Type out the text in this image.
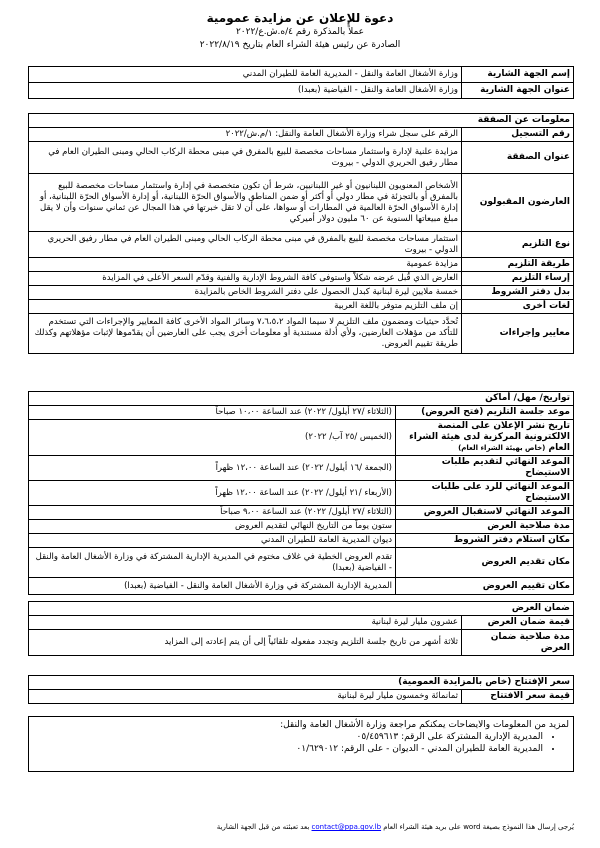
دعوة للإعلان عن مزايدة عمومية
عملاً بالمذكرة رقم ٤/ه.ش.ع/٢٠٢٢
الصادرة عن رئيس هيئة الشراء العام بتاريخ ٢٠٢٢/٨/١٩
إسم الجهة الشارية	وزارة الأشغال العامة والنقل - المديرية العامة للطيران المدني
عنوان الجهة الشارية	وزارة الأشغال العامة والنقل - الفياضية (بعبدا)
معلومات عن الصفقة	
رقم التسجيل	الرقم على سجل شراء وزارة الأشغال العامة والنقل: ١/م.ش/٢٠٢٢
عنوان الصفقة	مزايدة علنية لإدارة واستثمار مساحات مخصصة للبيع بالمفرق في مبنى محطة الركاب الحالي ومبنى الطيران العام في مطار رفيق الحريري الدولي - بيروت
العارضون المقبولون	الأشخاص المعنويون اللبنانيون أو غير اللبنانيين، شرط أن تكون متخصصة في إدارة واستثمار مساحات مخصصة للبيع بالمفرق أو بالتجزئة في مطار دولي أو أكثر أو ضمن المناطق والأسواق الحرّة اللبنانية، أو إدارة الأسواق الحرّة اللبنانية، أو إدارة الأسواق الحرّة العالمية في المطارات أو سواها، على أن لا تقل خبرتها في هذا المجال عن ثماني سنوات وأن لا يقل مبلغ مبيعاتها السنوية عن ٦٠ مليون دولار أميركي
نوع التلزيم	استثمار مساحات مخصصة للبيع بالمفرق في مبنى محطة الركاب الحالي ومبنى الطيران العام في مطار رفيق الحريري الدولي - بيروت
طريقة التلزيم	مزايدة عمومية
إرساء التلزيم	العارض الذي قُبل عرضه شكلاً واستوفى كافة الشروط الإدارية والفنية وقدّم السعر الأعلى في المزايدة
بدل دفتر الشروط	خمسة ملايين ليرة لبنانية كبدل الحصول على دفتر الشروط الخاص بالمزايدة
لغات أخرى	إن ملف التلزيم متوفر باللغة العربية
معايير وإجراءات	تُحدَّد حيثيات ومضمون ملف التلزيم لا سيما المواد ٧،٦،٥،٢ وسائر المواد الأخرى كافة المعايير والإجراءات التي تستخدم للتأكد من مؤهلات العارضين، ولأي أدلة مستندية أو معلومات أخرى يجب على العارضين أن يقدّموها لإثبات مؤهلاتهم وكذلك طريقة تقييم العروض.
تواريخ/ مهل/ أماكن	
موعد جلسة التلزيم (فتح العروض)	(الثلاثاء /٢٧ أيلول/ ٢٠٢٢) عند الساعة ١٠،٠٠ صباحاً
تاريخ نشر الإعلان على المنصة الالكترونية المركزية لدى هيئة الشراء العام (خاص بهيئة الشراء العام)	(الخميس /٢٥ آب/ ٢٠٢٢)
الموعد النهائي لتقديم طلبات الاستيضاح	(الجمعة /١٦ أيلول/ ٢٠٢٢) عند الساعة ١٢،٠٠ ظهراً
الموعد النهائي للرد على طلبات الاستيضاح	(الأربعاء /٢١ أيلول/ ٢٠٢٢) عند الساعة ١٢،٠٠ ظهراً
الموعد النهائي لاستقبال العروض	(الثلاثاء /٢٧ أيلول/ ٢٠٢٢) عند الساعة ٩،٠٠ صباحاً
مدة صلاحية العرض	ستون يوماً من التاريخ النهائي لتقديم العروض
مكان استلام دفتر الشروط	ديوان المديرية العامة للطيران المدني
مكان تقديم العروض	تقدم العروض الخطية في غلاف مختوم في المديرية الإدارية المشتركة في وزارة الأشغال العامة والنقل - الفياضية (بعبدا)
مكان تقييم العروض	المديرية الإدارية المشتركة في وزارة الأشغال العامة والنقل - الفياضية (بعبدا)
ضمان العرض	
قيمة ضمان العرض	عشرون مليار ليرة لبنانية
مدة صلاحية ضمان العرض	ثلاثة أشهر من تاريخ جلسة التلزيم وتجدد مفعوله تلقائياً إلى أن يتم إعادته إلى المزايد
سعر الإفتتاح (خاص بالمزايدة العمومية)
قيمة سعر الافتتاح	ثمانمائة وخمسون مليار ليرة لبنانية
لمزيد من المعلومات والايضاحات يمكنكم مراجعة وزارة الأشغال العامة والنقل:
• المديرية الإدارية المشتركة على الرقم: ٠٥/٤٥٩٦١٣
• المديرية العامة للطيران المدني - الديوان - على الرقم: ٠١/٦٢٩٠١٢
يُرجى إرسال هذا النموذج بصيغة word على بريد هيئة الشراء العام contact@ppa.gov.lb بعد تعبئته من قبل الجهة الشارية
